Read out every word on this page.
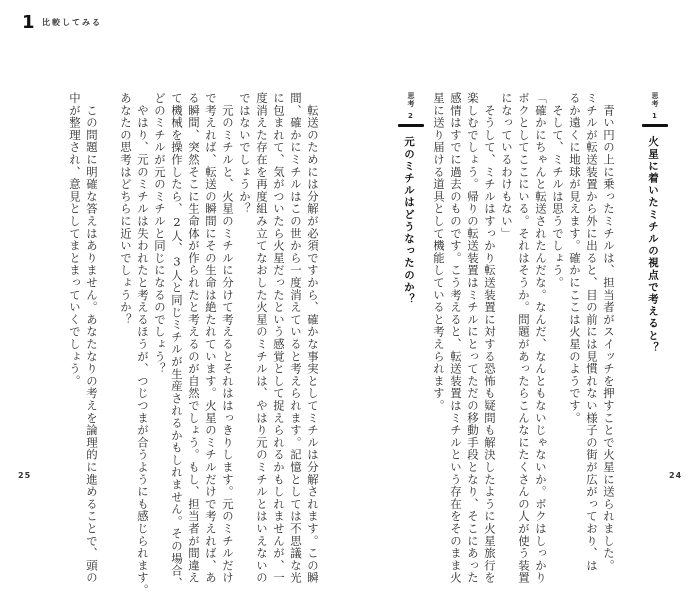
1 比較してみる
思考
1
火星に着いたミチルの視点で考えると？
　青い円の上に乗ったミチルは、担当者がスイッチを押すことで火星に送られました。
ミチルが転送装置から外に出ると、目の前には見慣れない様子の街が広がっており、は
るか遠くに地球が見えます。確かにここは火星のようです。
　そして、ミチルは思うでしょう。
「確かにちゃんと転送されたんだな。なんだ、なんともないじゃないか。ボクはしっかり
ボクとしてここにいる。それはそうか。問題があったらこんなにたくさんの人が使う装置
になっているわけもない」
　そうして、ミチルはすっかり転送装置に対する恐怖も疑問も解決したように火星旅行を
楽しむでしょう。帰りの転送装置はミチルにとってただの移動手段となり、そこにあった
感情はすでに過去のものです。こう考えると、転送装置はミチルという存在をそのまま火
星に送り届ける道具として機能していると考えられます。
思考
2
元のミチルはどうなったのか？
　転送のためには分解が必須ですから、確かな事実としてミチルは分解されます。この瞬
間、確かにミチルはこの世から一度消えていると考えられます。記憶としては不思議な光
に包まれて、気がついたら火星だったという感覚として捉えられるかもしれませんが、一
度消えた存在を再度組み立てなおした火星のミチルは、やはり元のミチルとはいえないの
ではないでしょうか？
　元のミチルと、火星のミチルに分けて考えるとそれははっきりします。元のミチルだけ
で考えれば、転送の瞬間にその生命は絶たれています。火星のミチルだけで考えれば、あ
る瞬間、突然そこに生命体が作られたと考えるのが自然でしょう。もし、担当者が間違え
て機械を操作したら、2人、3人と同じミチルが生産されるかもしれません。その場合、
どのミチルが元のミチルと同じになるのでしょう？
　やはり、元のミチルは失われたと考えるほうが、つじつまが合うようにも感じられます。
あなたの思考はどちらに近いでしょうか？
　この問題に明確な答えはありません。あなたなりの考えを論理的に進めることで、頭の
中が整理され、意見としてまとまっていくでしょう。
25	24
